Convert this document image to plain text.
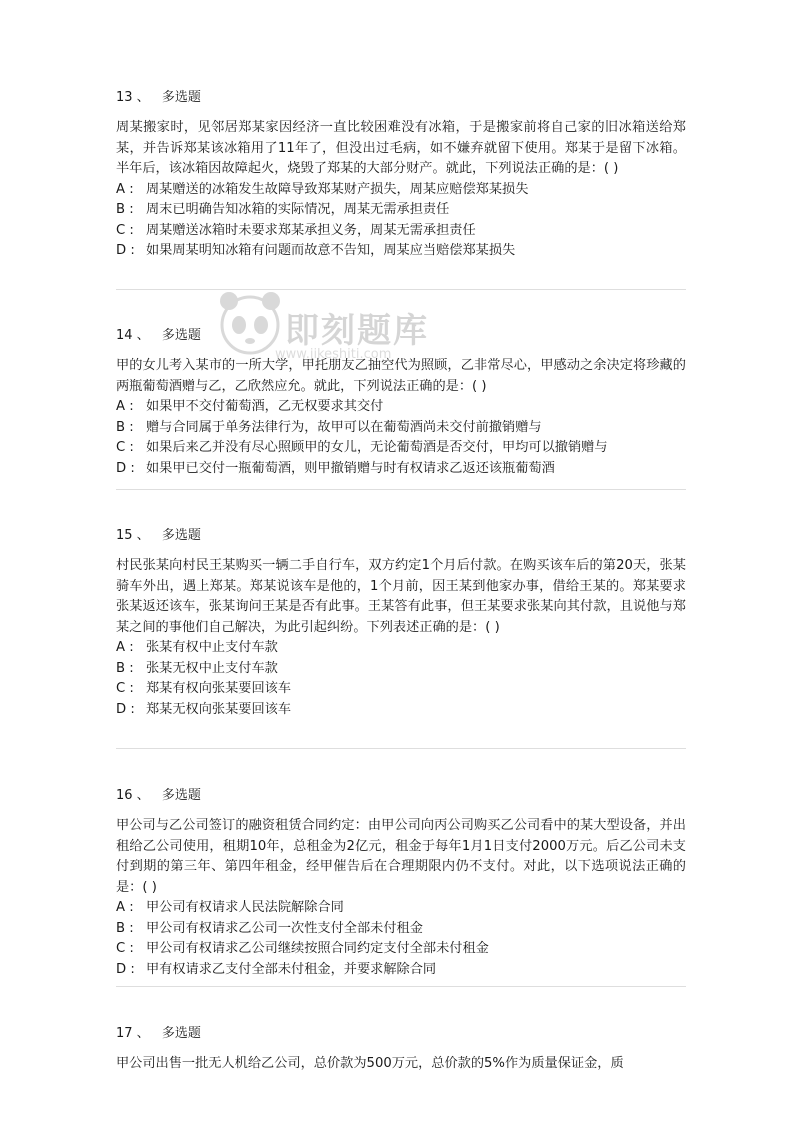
13 、 多选题

周某搬家时，见邻居郑某家因经济一直比较困难没有冰箱，于是搬家前将自己家的旧冰箱送给郑某，并告诉郑某该冰箱用了11年了，但没出过毛病，如不嫌弃就留下使用。郑某于是留下冰箱。半年后，该冰箱因故障起火，烧毁了郑某的大部分财产。就此，下列说法正确的是：( )

A : 周某赠送的冰箱发生故障导致郑某财产损失，周某应赔偿郑某损失

B : 周末已明确告知冰箱的实际情况，周某无需承担责任

C : 周某赠送冰箱时未要求郑某承担义务，周某无需承担责任

D : 如果周某明知冰箱有问题而故意不告知，周某应当赔偿郑某损失

14 、 多选题

甲的女儿考入某市的一所大学，甲托朋友乙抽空代为照顾，乙非常尽心，甲感动之余决定将珍藏的两瓶葡萄酒赠与乙，乙欣然应允。就此，下列说法正确的是：( )

A : 如果甲不交付葡萄酒，乙无权要求其交付

B : 赠与合同属于单务法律行为，故甲可以在葡萄酒尚未交付前撤销赠与

C : 如果后来乙并没有尽心照顾甲的女儿，无论葡萄酒是否交付，甲均可以撤销赠与

D : 如果甲已交付一瓶葡萄酒，则甲撤销赠与时有权请求乙返还该瓶葡萄酒

15 、 多选题

村民张某向村民王某购买一辆二手自行车，双方约定1个月后付款。在购买该车后的第20天，张某骑车外出，遇上郑某。郑某说该车是他的，1个月前，因王某到他家办事，借给王某的。郑某要求张某返还该车，张某询问王某是否有此事。王某答有此事，但王某要求张某向其付款，且说他与郑某之间的事他们自己解决，为此引起纠纷。下列表述正确的是：( )

A : 张某有权中止支付车款

B : 张某无权中止支付车款

C : 郑某有权向张某要回该车

D : 郑某无权向张某要回该车

16 、 多选题

甲公司与乙公司签订的融资租赁合同约定：由甲公司向丙公司购买乙公司看中的某大型设备，并出租给乙公司使用，租期10年，总租金为2亿元，租金于每年1月1日支付2000万元。后乙公司未支付到期的第三年、第四年租金，经甲催告后在合理期限内仍不支付。对此，以下选项说法正确的是：( )

A : 甲公司有权请求人民法院解除合同

B : 甲公司有权请求乙公司一次性支付全部未付租金

C : 甲公司有权请求乙公司继续按照合同约定支付全部未付租金

D : 甲有权请求乙支付全部未付租金，并要求解除合同

17 、 多选题

甲公司出售一批无人机给乙公司，总价款为500万元，总价款的5%作为质量保证金，质

即刻题库
www.jikeshiti.com
